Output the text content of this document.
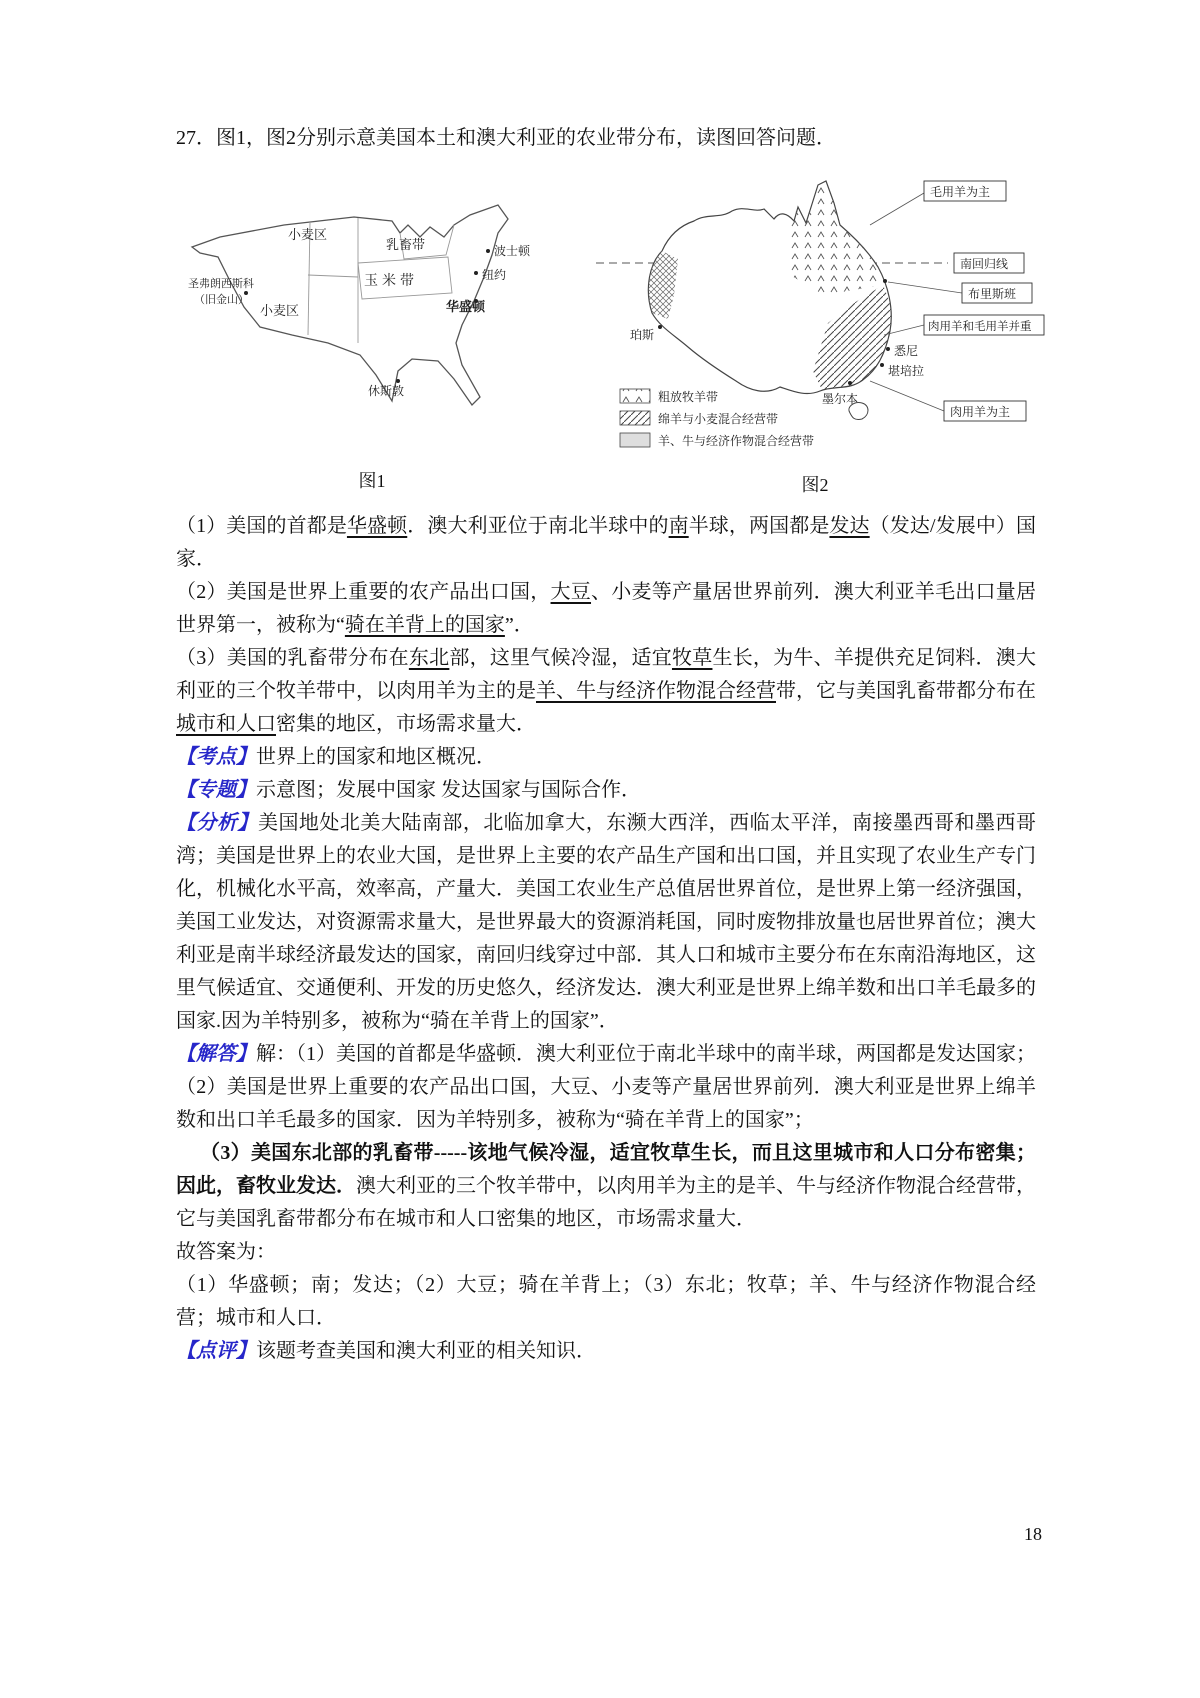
27．图1，图2分别示意美国本土和澳大利亚的农业带分布，读图回答问题．

小麦区
乳畜带
玉米带
小麦区	华盛顿
纽约
波士顿
圣弗朗西斯科
（旧金山）
休斯敦
图1
毛用羊为主
南回归线
布里斯班
肉用羊和毛用羊并重
肉用羊为主
悉尼
堪培拉
墨尔本
珀斯
粗放牧羊带
绵羊与小麦混合经营带
羊、牛与经济作物混合经营带
图2

（1）美国的首都是华盛顿．澳大利亚位于南北半球中的南半球，两国都是发达（发达/发展中）国家．

（2）美国是世界上重要的农产品出口国，大豆、小麦等产量居世界前列．澳大利亚羊毛出口量居世界第一，被称为“骑在羊背上的国家”．

（3）美国的乳畜带分布在东北部，这里气候冷湿，适宜牧草生长，为牛、羊提供充足饲料．澳大利亚的三个牧羊带中，以肉用羊为主的是羊、牛与经济作物混合经营带，它与美国乳畜带都分布在城市和人口密集的地区，市场需求量大．

【考点】世界上的国家和地区概况．

【专题】示意图；发展中国家 发达国家与国际合作．

【分析】美国地处北美大陆南部，北临加拿大，东濒大西洋，西临太平洋，南接墨西哥和墨西哥湾；美国是世界上的农业大国，是世界上主要的农产品生产国和出口国，并且实现了农业生产专门化，机械化水平高，效率高，产量大．美国工农业生产总值居世界首位，是世界上第一经济强国，美国工业发达，对资源需求量大，是世界最大的资源消耗国，同时废物排放量也居世界首位；澳大利亚是南半球经济最发达的国家，南回归线穿过中部．其人口和城市主要分布在东南沿海地区，这里气候适宜、交通便利、开发的历史悠久，经济发达．澳大利亚是世界上绵羊数和出口羊毛最多的国家.因为羊特别多，被称为“骑在羊背上的国家”．

【解答】解：（1）美国的首都是华盛顿．澳大利亚位于南北半球中的南半球，两国都是发达国家；

（2）美国是世界上重要的农产品出口国，大豆、小麦等产量居世界前列．澳大利亚是世界上绵羊数和出口羊毛最多的国家．因为羊特别多，被称为“骑在羊背上的国家”；

（3）美国东北部的乳畜带-----该地气候冷湿，适宜牧草生长，而且这里城市和人口分布密集；因此，畜牧业发达．澳大利亚的三个牧羊带中，以肉用羊为主的是羊、牛与经济作物混合经营带，它与美国乳畜带都分布在城市和人口密集的地区，市场需求量大．

故答案为：

（1）华盛顿；南；发达；（2）大豆；骑在羊背上；（3）东北；牧草；羊、牛与经济作物混合经营；城市和人口．

【点评】该题考查美国和澳大利亚的相关知识．

18
